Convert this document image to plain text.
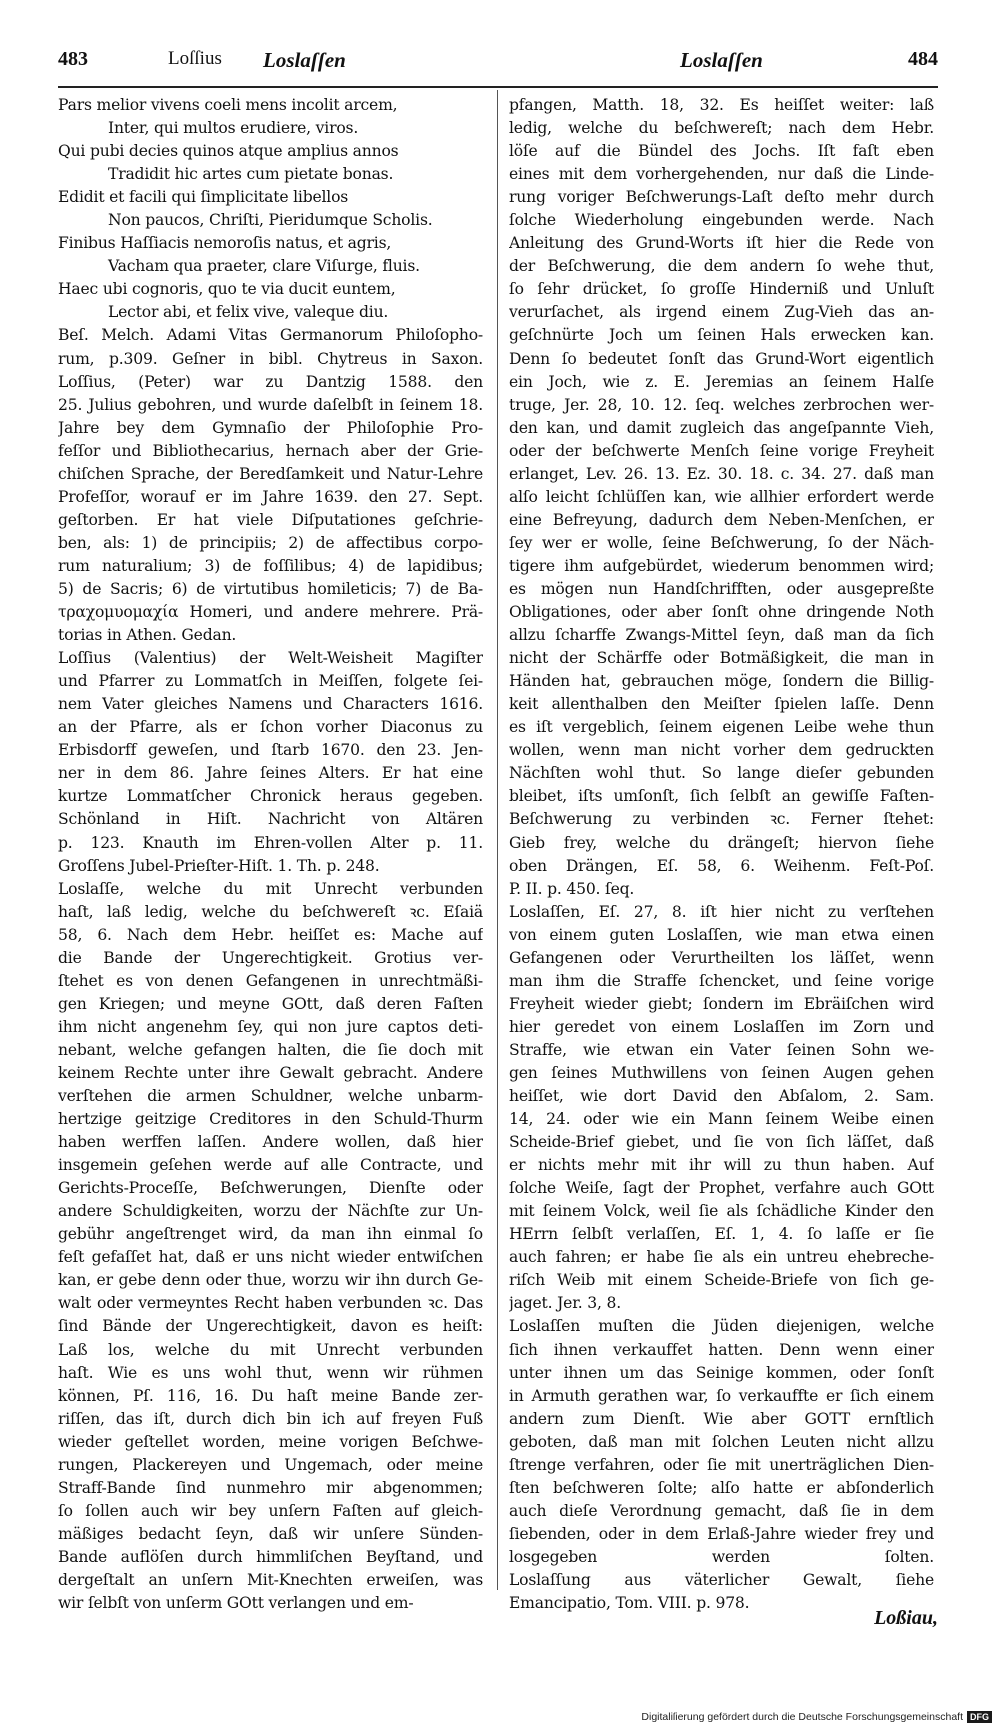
483	Loſſius Loslaſſen	Loslaſſen	484
Pars melior vivens coeli mens incolit arcem,
Inter, qui multos erudiere, viros.
Qui pubi decies quinos atque amplius annos
Tradidit hic artes cum pietate bonas.
Edidit et facili qui ſimplicitate libellos
Non paucos, Chriſti, Pieridumque Scholis.
Finibus Haſſiacis nemoroſis natus, et agris,
Vacham qua praeter, clare Viſurge, fluis.
Haec ubi cognoris, quo te via ducit euntem,
Lector abi, et felix vive, valeque diu.
Beſ. Melch. Adami Vitas Germanorum Philoſopho-
rum, p.309. Geſner in bibl. Chytreus in Saxon.
Loſſius, (Peter) war zu Dantzig 1588. den
25. Julius gebohren, und wurde daſelbſt in ſeinem 18.
Jahre bey dem Gymnaſio der Philoſophie Pro-
feſſor und Bibliothecarius, hernach aber der Grie-
chiſchen Sprache, der Beredſamkeit und Natur-Lehre
Profeſſor, worauf er im Jahre 1639. den 27. Sept.
geſtorben. Er hat viele Diſputationes geſchrie-
ben, als: 1) de principiis; 2) de affectibus corpo-
rum naturalium; 3) de foſſilibus; 4) de lapidibus;
5) de Sacris; 6) de virtutibus homileticis; 7) de Ba-
τραχομυομαχία Homeri, und andere mehrere. Prä-
torias in Athen. Gedan.
Loſſius (Valentius) der Welt-Weisheit Magiſter
und Pfarrer zu Lommatſch in Meiſſen, folgete ſei-
nem Vater gleiches Namens und Characters 1616.
an der Pfarre, als er ſchon vorher Diaconus zu
Erbisdorff geweſen, und ſtarb 1670. den 23. Jen-
ner in dem 86. Jahre ſeines Alters. Er hat eine
kurtze Lommatſcher Chronick heraus gegeben.
Schönland in Hiſt. Nachricht von Altären
p. 123. Knauth im Ehren-vollen Alter p. 11.
Groſſens Jubel-Prieſter-Hiſt. 1. Th. p. 248.
Loslaſſe, welche du mit Unrecht verbunden
haſt, laß ledig, welche du beſchwereſt ꝛc. Eſaiä
58, 6. Nach dem Hebr. heiſſet es: Mache auf
die Bande der Ungerechtigkeit. Grotius ver-
ſtehet es von denen Gefangenen in unrechtmäßi-
gen Kriegen; und meyne GOtt, daß deren Faſten
ihm nicht angenehm ſey, qui non jure captos deti-
nebant, welche gefangen halten, die ſie doch mit
keinem Rechte unter ihre Gewalt gebracht. Andere
verſtehen die armen Schuldner, welche unbarm-
hertzige geitzige Creditores in den Schuld-Thurm
haben werffen laſſen. Andere wollen, daß hier
insgemein geſehen werde auf alle Contracte, und
Gerichts-Proceſſe, Beſchwerungen, Dienſte oder
andere Schuldigkeiten, worzu der Nächſte zur Un-
gebühr angeſtrenget wird, da man ihn einmal ſo
feſt gefaſſet hat, daß er uns nicht wieder entwiſchen
kan, er gebe denn oder thue, worzu wir ihn durch Ge-
walt oder vermeyntes Recht haben verbunden ꝛc. Das
ſind Bände der Ungerechtigkeit, davon es heiſt:
Laß los, welche du mit Unrecht verbunden
haſt. Wie es uns wohl thut, wenn wir rühmen
können, Pſ. 116, 16. Du haſt meine Bande zer-
riſſen, das iſt, durch dich bin ich auf freyen Fuß
wieder geſtellet worden, meine vorigen Beſchwe-
rungen, Plackereyen und Ungemach, oder meine
Straff-Bande ſind nunmehro mir abgenommen;
ſo ſollen auch wir bey unſern Faſten auf gleich-
mäßiges bedacht ſeyn, daß wir unſere Sünden-
Bande auflöſen durch himmliſchen Beyſtand, und
dergeſtalt an unſern Mit-Knechten erweiſen, was
wir ſelbſt von unſerm GOtt verlangen und em-
pfangen, Matth. 18, 32. Es heiſſet weiter: laß
ledig, welche du beſchwereſt; nach dem Hebr.
löſe auf die Bündel des Jochs. Iſt faſt eben
eines mit dem vorhergehenden, nur daß die Linde-
rung voriger Beſchwerungs-Laſt deſto mehr durch
ſolche Wiederholung eingebunden werde. Nach
Anleitung des Grund-Worts iſt hier die Rede von
der Beſchwerung, die dem andern ſo wehe thut,
ſo ſehr drücket, ſo groſſe Hinderniß und Unluſt
verurſachet, als irgend einem Zug-Vieh das an-
geſchnürte Joch um ſeinen Hals erwecken kan.
Denn ſo bedeutet ſonſt das Grund-Wort eigentlich
ein Joch, wie z. E. Jeremias an ſeinem Halſe
truge, Jer. 28, 10. 12. ſeq. welches zerbrochen wer-
den kan, und damit zugleich das angeſpannte Vieh,
oder der beſchwerte Menſch ſeine vorige Freyheit
erlanget, Lev. 26. 13. Ez. 30. 18. c. 34. 27. daß man
alſo leicht ſchlüſſen kan, wie allhier erfordert werde
eine Befreyung, dadurch dem Neben-Menſchen, er
ſey wer er wolle, ſeine Beſchwerung, ſo der Näch-
tigere ihm aufgebürdet, wiederum benommen wird;
es mögen nun Handſchrifften, oder ausgepreßte
Obligationes, oder aber ſonſt ohne dringende Noth
allzu ſcharffe Zwangs-Mittel ſeyn, daß man da ſich
nicht der Schärffe oder Botmäßigkeit, die man in
Händen hat, gebrauchen möge, ſondern die Billig-
keit allenthalben den Meiſter ſpielen laſſe. Denn
es iſt vergeblich, ſeinem eigenen Leibe wehe thun
wollen, wenn man nicht vorher dem gedruckten
Nächſten wohl thut. So lange dieſer gebunden
bleibet, iſts umſonſt, ſich ſelbſt an gewiſſe Faſten-
Beſchwerung zu verbinden ꝛc. Ferner ſtehet:
Gieb frey, welche du drängeſt; hiervon ſiehe
oben Drängen, Eſ. 58, 6. Weihenm. Feſt-Poſ.
P. II. p. 450. ſeq.
Loslaſſen, Eſ. 27, 8. iſt hier nicht zu verſtehen
von einem guten Loslaſſen, wie man etwa einen
Gefangenen oder Verurtheilten los läſſet, wenn
man ihm die Straffe ſchencket, und ſeine vorige
Freyheit wieder giebt; ſondern im Ebräiſchen wird
hier geredet von einem Loslaſſen im Zorn und
Straffe, wie etwan ein Vater ſeinen Sohn we-
gen ſeines Muthwillens von ſeinen Augen gehen
heiſſet, wie dort David den Abſalom, 2. Sam.
14, 24. oder wie ein Mann ſeinem Weibe einen
Scheide-Brief giebet, und ſie von ſich läſſet, daß
er nichts mehr mit ihr will zu thun haben. Auf
ſolche Weiſe, ſagt der Prophet, verfahre auch GOtt
mit ſeinem Volck, weil ſie als ſchädliche Kinder den
HErrn ſelbſt verlaſſen, Eſ. 1, 4. ſo laſſe er ſie
auch fahren; er habe ſie als ein untreu ehebreche-
riſch Weib mit einem Scheide-Briefe von ſich ge-
jaget. Jer. 3, 8.
Loslaſſen muſten die Jüden diejenigen, welche
ſich ihnen verkauffet hatten. Denn wenn einer
unter ihnen um das Seinige kommen, oder ſonſt
in Armuth gerathen war, ſo verkauffte er ſich einem
andern zum Dienſt. Wie aber GOTT ernſtlich
geboten, daß man mit ſolchen Leuten nicht allzu
ſtrenge verfahren, oder ſie mit unerträglichen Dien-
ſten beſchweren ſolte; alſo hatte er abſonderlich
auch dieſe Verordnung gemacht, daß ſie in dem
ſiebenden, oder in dem Erlaß-Jahre wieder frey und
losgegeben werden ſolten.
Loslaſſung aus väterlicher Gewalt, ſiehe
Emancipatio, Tom. VIII. p. 978.
Loßiau,
Digitaliſierung gefördert durch die Deutsche Forschungsgemeinschaft DFG
